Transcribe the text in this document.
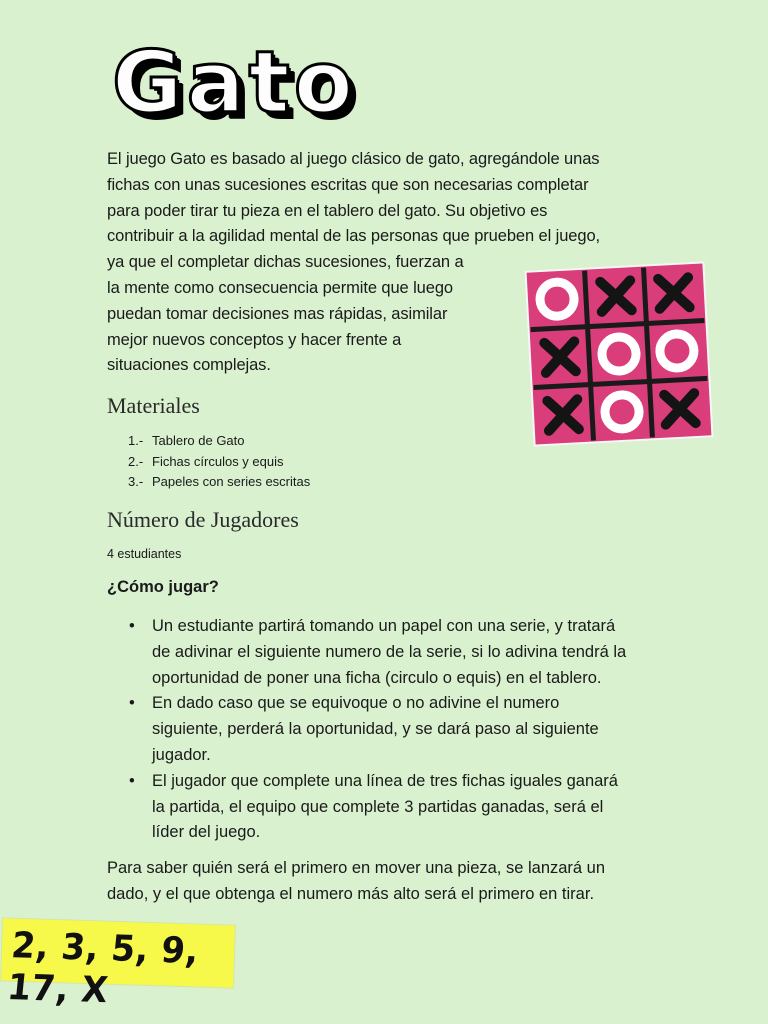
Gato
El juego Gato es basado al juego clásico de gato, agregándole unas
fichas con unas sucesiones escritas que son necesarias completar
para poder tirar tu pieza en el tablero del gato. Su objetivo es
contribuir a la agilidad mental de las personas que prueben el juego,
ya que el completar dichas sucesiones, fuerzan a
la mente como consecuencia permite que luego
puedan tomar decisiones mas rápidas, asimilar
mejor nuevos conceptos y hacer frente a
situaciones complejas.
Materiales
1.- Tablero de Gato
2.- Fichas círculos y equis
3.- Papeles con series escritas
Número de Jugadores

4 estudiantes

¿Cómo jugar?
• Un estudiante partirá tomando un papel con una serie, y tratará
de adivinar el siguiente numero de la serie, si lo adivina tendrá la
oportunidad de poner una ficha (circulo o equis) en el tablero.
• En dado caso que se equivoque o no adivine el numero
siguiente, perderá la oportunidad, y se dará paso al siguiente
jugador.
• El jugador que complete una línea de tres fichas iguales ganará
la partida, el equipo que complete 3 partidas ganadas, será el
líder del juego.
Para saber quién será el primero en mover una pieza, se lanzará un
dado, y el que obtenga el numero más alto será el primero en tirar.
2, 3, 5, 9, 17, X
